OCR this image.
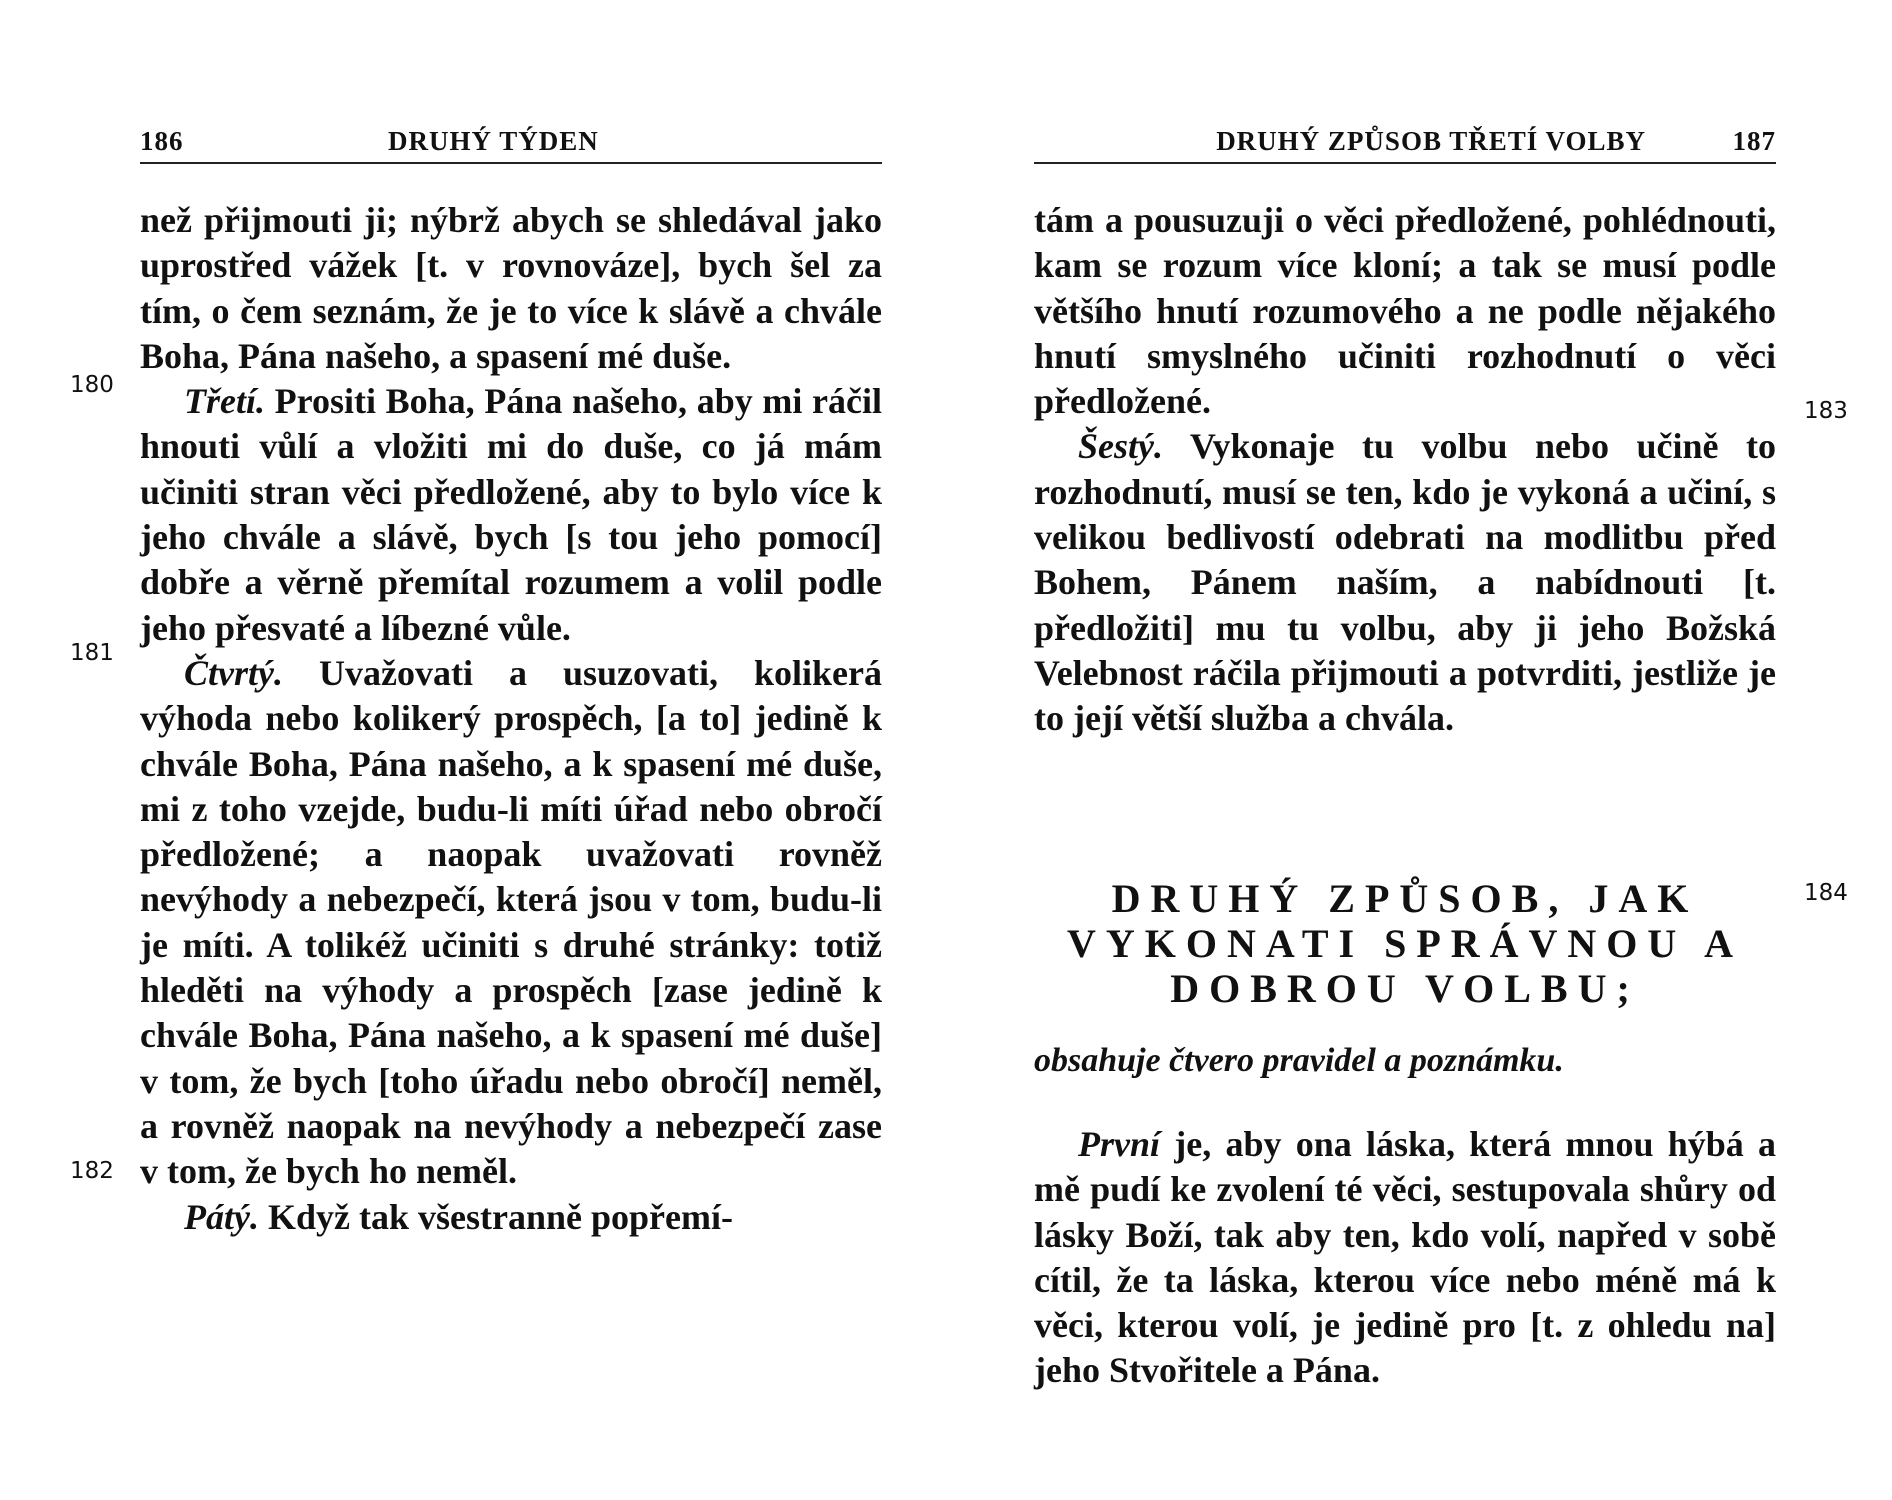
186	DRUHÝ TÝDEN
180
181
182

než přijmouti ji; nýbrž abych se shledával jako uprostřed vážek [t. v rovnováze], bych šel za tím, o čem seznám, že je to více k slávě a chvále Boha, Pána našeho, a spasení mé duše.

Třetí. Prositi Boha, Pána našeho, aby mi ráčil hnouti vůlí a vložiti mi do duše, co já mám učiniti stran věci předložené, aby to bylo více k jeho chvále a slávě, bych [s tou jeho pomocí] dobře a věrně přemítal rozumem a volil podle jeho přesvaté a líbezné vůle.

Čtvrtý. Uvažovati a usuzovati, kolikerá výhoda nebo kolikerý prospěch, [a to] jedině k chvále Boha, Pána našeho, a k spasení mé duše, mi z toho vzejde, budu-li míti úřad nebo obročí předložené; a naopak uvažovati rovněž nevýhody a nebezpečí, která jsou v tom, budu-li je míti. A tolikéž učiniti s druhé stránky: totiž hleděti na výhody a prospěch [zase jedině k chvále Boha, Pána našeho, a k spasení mé duše] v tom, že bych [toho úřadu nebo obročí] neměl, a rovněž naopak na nevýhody a nebezpečí zase v tom, že bych ho neměl.

Pátý. Když tak všestranně popřemí-

DRUHÝ ZPŮSOB TŘETÍ VOLBY	187
183
184

tám a pousuzuji o věci předložené, pohlédnouti, kam se rozum více kloní; a tak se musí podle většího hnutí rozumového a ne podle nějakého hnutí smyslného učiniti rozhodnutí o věci předložené.

Šestý. Vykonaje tu volbu nebo učině to rozhodnutí, musí se ten, kdo je vykoná a učiní, s velikou bedlivostí odebrati na modlitbu před Bohem, Pánem naším, a nabídnouti [t. předložiti] mu tu volbu, aby ji jeho Božská Velebnost ráčila přijmouti a potvrditi, jestliže je to její větší služba a chvála.

DRUHÝ ZPŮSOB, JAK
VYKONATI SPRÁVNOU A
DOBROU VOLBU;
obsahuje čtvero pravidel a poznámku.

První je, aby ona láska, která mnou hýbá a mě pudí ke zvolení té věci, sestupovala shůry od lásky Boží, tak aby ten, kdo volí, napřed v sobě cítil, že ta láska, kterou více nebo méně má k věci, kterou volí, je jedině pro [t. z ohledu na] jeho Stvořitele a Pána.
